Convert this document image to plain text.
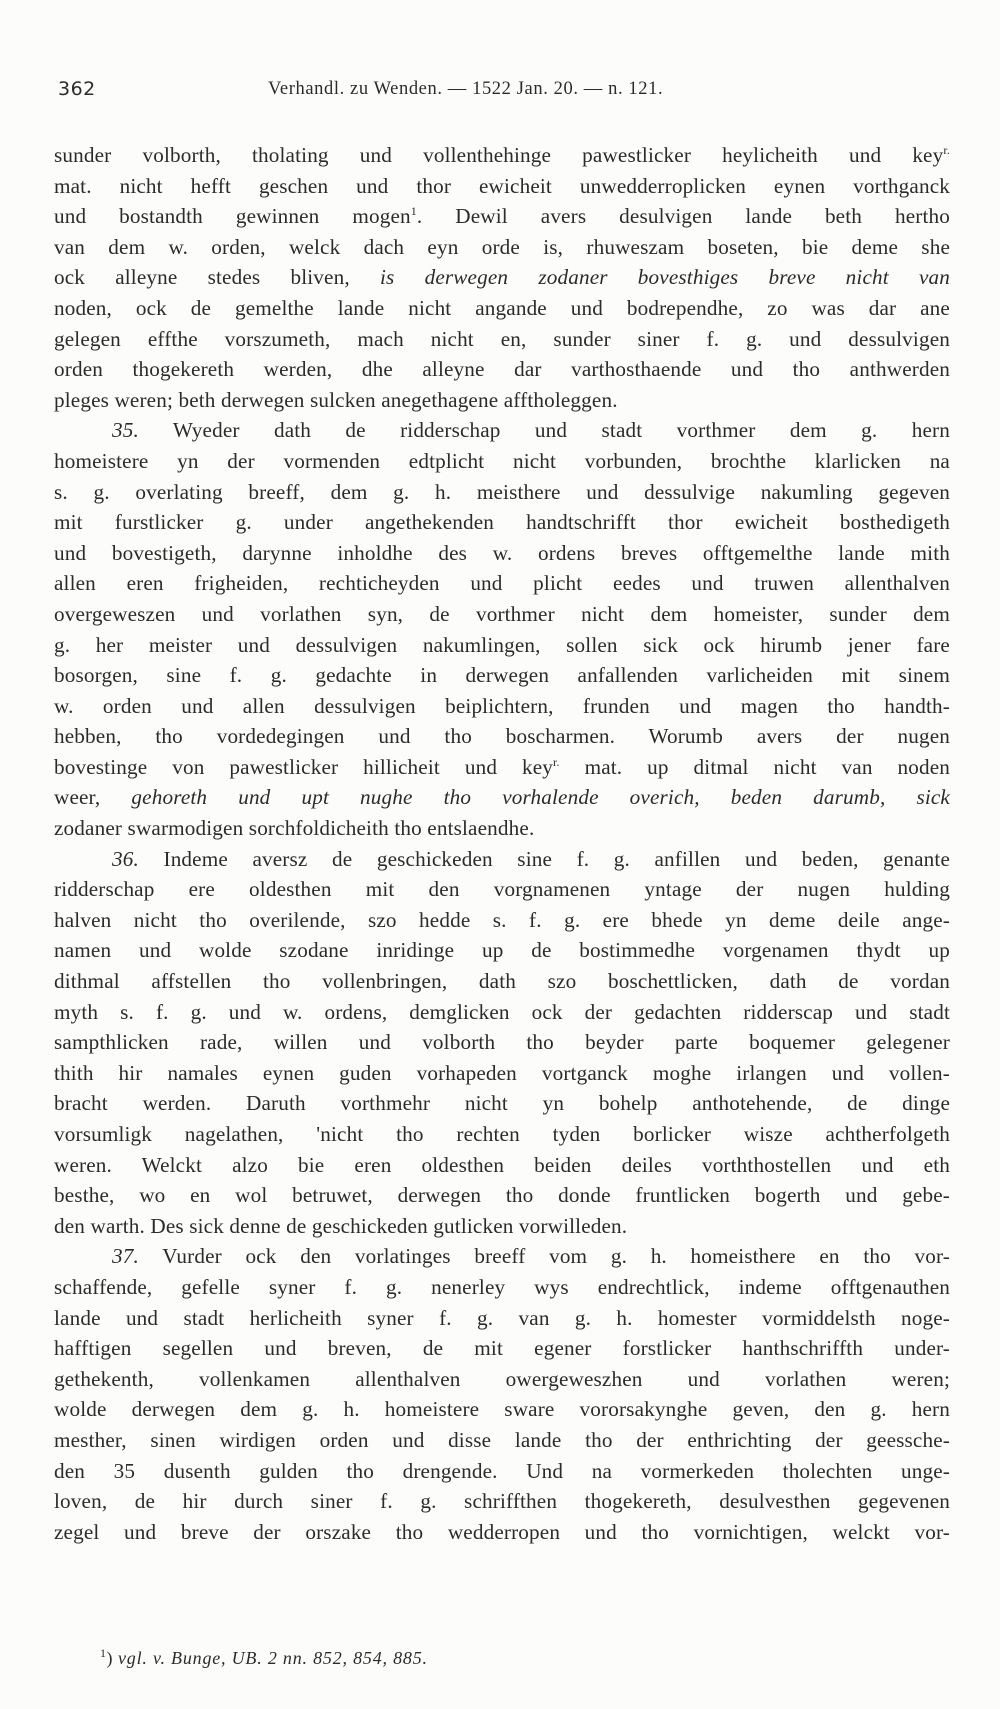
362	Verhandl. zu Wenden. — 1522 Jan. 20. — n. 121.
sunder volborth, tholating und vollenthehinge pawestlicker heylicheith und key$^{r.}$
mat. nicht hefft geschen und thor ewicheit unwedderroplicken eynen vorthganck
und bostandth gewinnen mogen$^1$. Dewil avers desulvigen lande beth hertho
van dem w. orden, welck dach eyn orde is, rhuweszam boseten, bie deme she
ock alleyne stedes bliven, is derwegen zodaner bovesthiges breve nicht van
noden, ock de gemelthe lande nicht angande und bodrependhe, zo was dar ane
gelegen effthe vorszumeth, mach nicht en, sunder siner f. g. und dessulvigen
orden thogekereth werden, dhe alleyne dar varthosthaende und tho anthwerden
pleges weren; beth derwegen sulcken anegethagene afftholeggen.
35. Wyeder dath de ridderschap und stadt vorthmer dem g. hern
homeistere yn der vormenden edtplicht nicht vorbunden, brochthe klarlicken na
s. g. overlating breeff, dem g. h. meisthere und dessulvige nakumling gegeven
mit furstlicker g. under angethekenden handtschrifft thor ewicheit bosthedigeth
und bovestigeth, darynne inholdhe des w. ordens breves offtgemelthe lande mith
allen eren frigheiden, rechticheyden und plicht eedes und truwen allenthalven
overgeweszen und vorlathen syn, de vorthmer nicht dem homeister, sunder dem
g. her meister und dessulvigen nakumlingen, sollen sick ock hirumb jener fare
bosorgen, sine f. g. gedachte in derwegen anfallenden varlicheiden mit sinem
w. orden und allen dessulvigen beiplichtern, frunden und magen tho handth-
hebben, tho vordedegingen und tho boscharmen. Worumb avers der nugen
bovestinge von pawestlicker hillicheit und key$^{r.}$ mat. up ditmal nicht van noden
weer, gehoreth und upt nughe tho vorhalende overich, beden darumb, sick
zodaner swarmodigen sorchfoldicheith tho entslaendhe.
36. Indeme aversz de geschickeden sine f. g. anfillen und beden, genante
ridderschap ere oldesthen mit den vorgnamenen yntage der nugen hulding
halven nicht tho overilende, szo hedde s. f. g. ere bhede yn deme deile ange-
namen und wolde szodane inridinge up de bostimmedhe vorgenamen thydt up
dithmal affstellen tho vollenbringen, dath szo boschettlicken, dath de vordan
myth s. f. g. und w. ordens, demglicken ock der gedachten ridderscap und stadt
sampthlicken rade, willen und volborth tho beyder parte boquemer gelegener
thith hir namales eynen guden vorhapeden vortganck moghe irlangen und vollen-
bracht werden. Daruth vorthmehr nicht yn bohelp anthotehende, de dinge
vorsumligk nagelathen, 'nicht tho rechten tyden borlicker wisze achtherfolgeth
weren. Welckt alzo bie eren oldesthen beiden deiles vorththostellen und eth
besthe, wo en wol betruwet, derwegen tho donde fruntlicken bogerth und gebe-
den warth. Des sick denne de geschickeden gutlicken vorwilleden.
37. Vurder ock den vorlatinges breeff vom g. h. homeisthere en tho vor-
schaffende, gefelle syner f. g. nenerley wys endrechtlick, indeme offtgenauthen
lande und stadt herlicheith syner f. g. van g. h. homester vormiddelsth noge-
hafftigen segellen und breven, de mit egener forstlicker hanthschriffth under-
gethekenth, vollenkamen allenthalven owergeweszhen und vorlathen weren;
wolde derwegen dem g. h. homeistere sware vororsakynghe geven, den g. hern
mesther, sinen wirdigen orden und disse lande tho der enthrichting der geessche-
den 35 dusenth gulden tho drengende. Und na vormerkeden tholechten unge-
loven, de hir durch siner f. g. schriffthen thogekereth, desulvesthen gegevenen
zegel und breve der orszake tho wedderropen und tho vornichtigen, welckt vor-
$^1$) vgl. v. Bunge, UB. 2 nn. 852, 854, 885.
